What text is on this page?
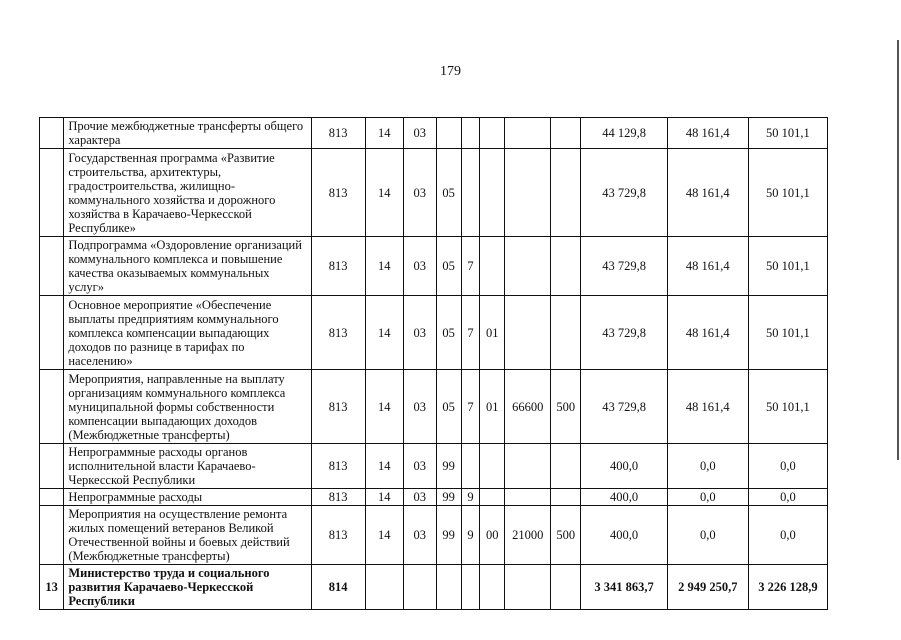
179
	Прочие межбюджетные трансферты общего характера	813	14	03						44 129,8	48 161,4	50 101,1
	Государственная программа «Развитие строительства, архитектуры, градостроительства, жилищно-коммунального хозяйства и дорожного хозяйства в Карачаево-Черкесской Республике»	813	14	03	05					43 729,8	48 161,4	50 101,1
	Подпрограмма «Оздоровление организаций коммунального комплекса и повышение качества оказываемых коммунальных услуг»	813	14	03	05	7				43 729,8	48 161,4	50 101,1
	Основное мероприятие «Обеспечение выплаты предприятиям коммунального комплекса компенсации выпадающих доходов по разнице в тарифах по населению»	813	14	03	05	7	01			43 729,8	48 161,4	50 101,1
	Мероприятия, направленные на выплату организациям коммунального комплекса муниципальной формы собственности компенсации выпадающих доходов (Межбюджетные трансферты)	813	14	03	05	7	01	66600	500	43 729,8	48 161,4	50 101,1
	Непрограммные расходы органов исполнительной власти Карачаево-Черкесской Республики	813	14	03	99					400,0	0,0	0,0
	Непрограммные расходы	813	14	03	99	9				400,0	0,0	0,0
	Мероприятия на осуществление ремонта жилых помещений ветеранов Великой Отечественной войны и боевых действий (Межбюджетные трансферты)	813	14	03	99	9	00	21000	500	400,0	0,0	0,0
13	Министерство труда и социального развития Карачаево-Черкесской Республики	814								3 341 863,7	2 949 250,7	3 226 128,9
